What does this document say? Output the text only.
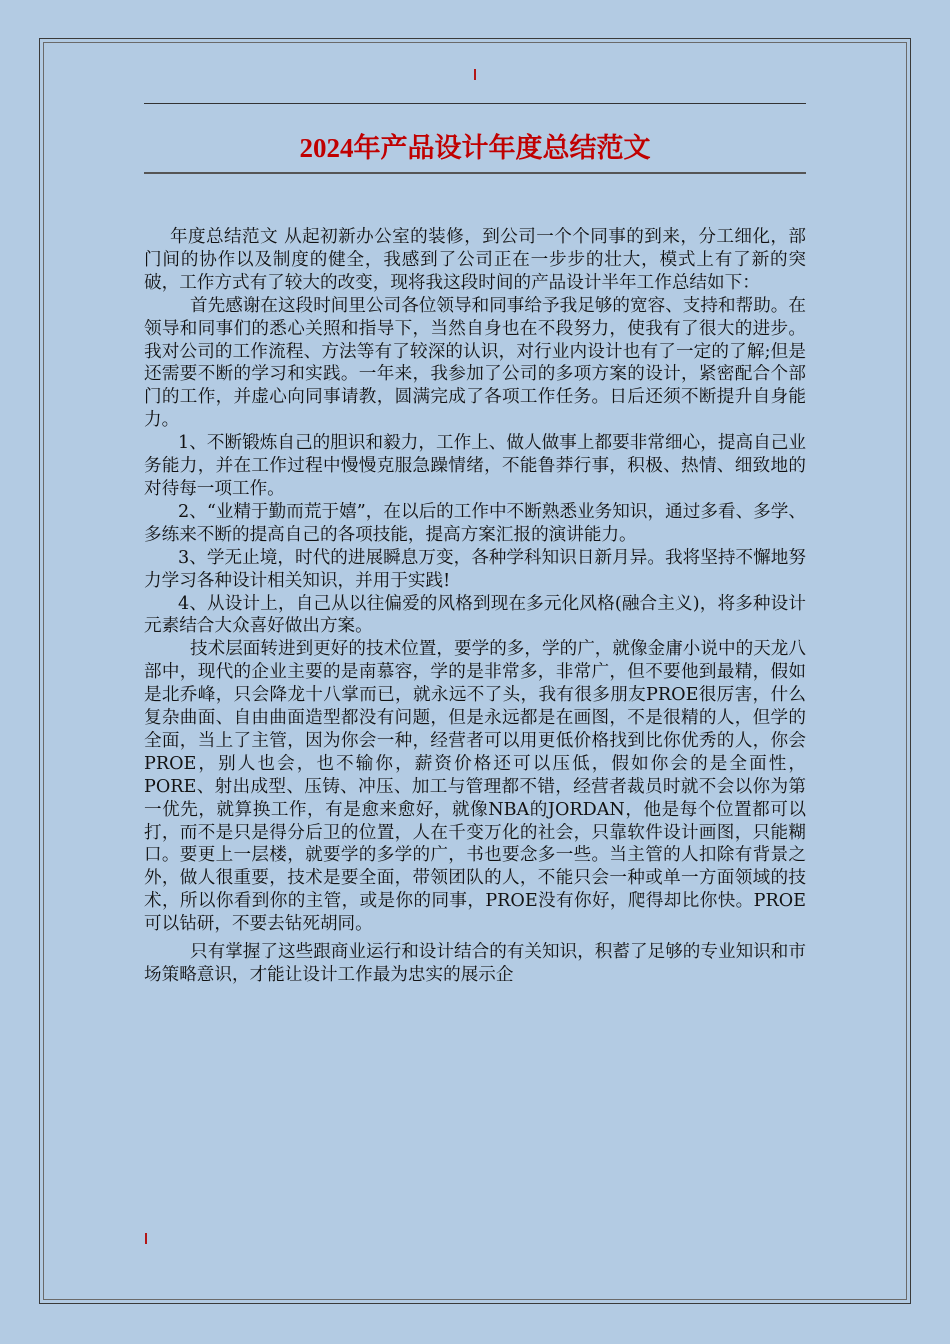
2024年产品设计年度总结范文

年度总结范文 从起初新办公室的装修，到公司一个个同事的到来，分工细化，部门间的协作以及制度的健全，我感到了公司正在一步步的壮大，模式上有了新的突破，工作方式有了较大的改变，现将我这段时间的产品设计半年工作总结如下：

首先感谢在这段时间里公司各位领导和同事给予我足够的宽容、支持和帮助。在领导和同事们的悉心关照和指导下，当然自身也在不段努力，使我有了很大的进步。我对公司的工作流程、方法等有了较深的认识，对行业内设计也有了一定的了解;但是还需要不断的学习和实践。一年来，我参加了公司的多项方案的设计，紧密配合个部门的工作，并虚心向同事请教，圆满完成了各项工作任务。日后还须不断提升自身能力。

1、不断锻炼自己的胆识和毅力，工作上、做人做事上都要非常细心，提高自己业务能力，并在工作过程中慢慢克服急躁情绪，不能鲁莽行事，积极、热情、细致地的对待每一项工作。

2、“业精于勤而荒于嬉”，在以后的工作中不断熟悉业务知识，通过多看、多学、多练来不断的提高自己的各项技能，提高方案汇报的演讲能力。

3、学无止境，时代的进展瞬息万变，各种学科知识日新月异。我将坚持不懈地努力学习各种设计相关知识，并用于实践!

4、从设计上，自己从以往偏爱的风格到现在多元化风格(融合主义)，将多种设计元素结合大众喜好做出方案。

技术层面转进到更好的技术位置，要学的多，学的广，就像金庸小说中的天龙八部中，现代的企业主要的是南慕容，学的是非常多，非常广，但不要他到最精，假如是北乔峰，只会降龙十八掌而已，就永远不了头，我有很多朋友PROE很厉害，什么复杂曲面、自由曲面造型都没有问题，但是永远都是在画图，不是很精的人，但学的全面，当上了主管，因为你会一种，经营者可以用更低价格找到比你优秀的人，你会PROE，别人也会，也不输你，薪资价格还可以压低，假如你会的是全面性，PORE、射出成型、压铸、冲压、加工与管理都不错，经营者裁员时就不会以你为第一优先，就算换工作，有是愈来愈好，就像NBA的JORDAN，他是每个位置都可以打，而不是只是得分后卫的位置，人在千变万化的社会，只靠软件设计画图，只能糊口。要更上一层楼，就要学的多学的广，书也要念多一些。当主管的人扣除有背景之外，做人很重要，技术是要全面，带领团队的人，不能只会一种或单一方面领域的技术，所以你看到你的主管，或是你的同事，PROE没有你好，爬得却比你快。PROE可以钻研，不要去钻死胡同。

只有掌握了这些跟商业运行和设计结合的有关知识，积蓄了足够的专业知识和市场策略意识，才能让设计工作最为忠实的展示企
